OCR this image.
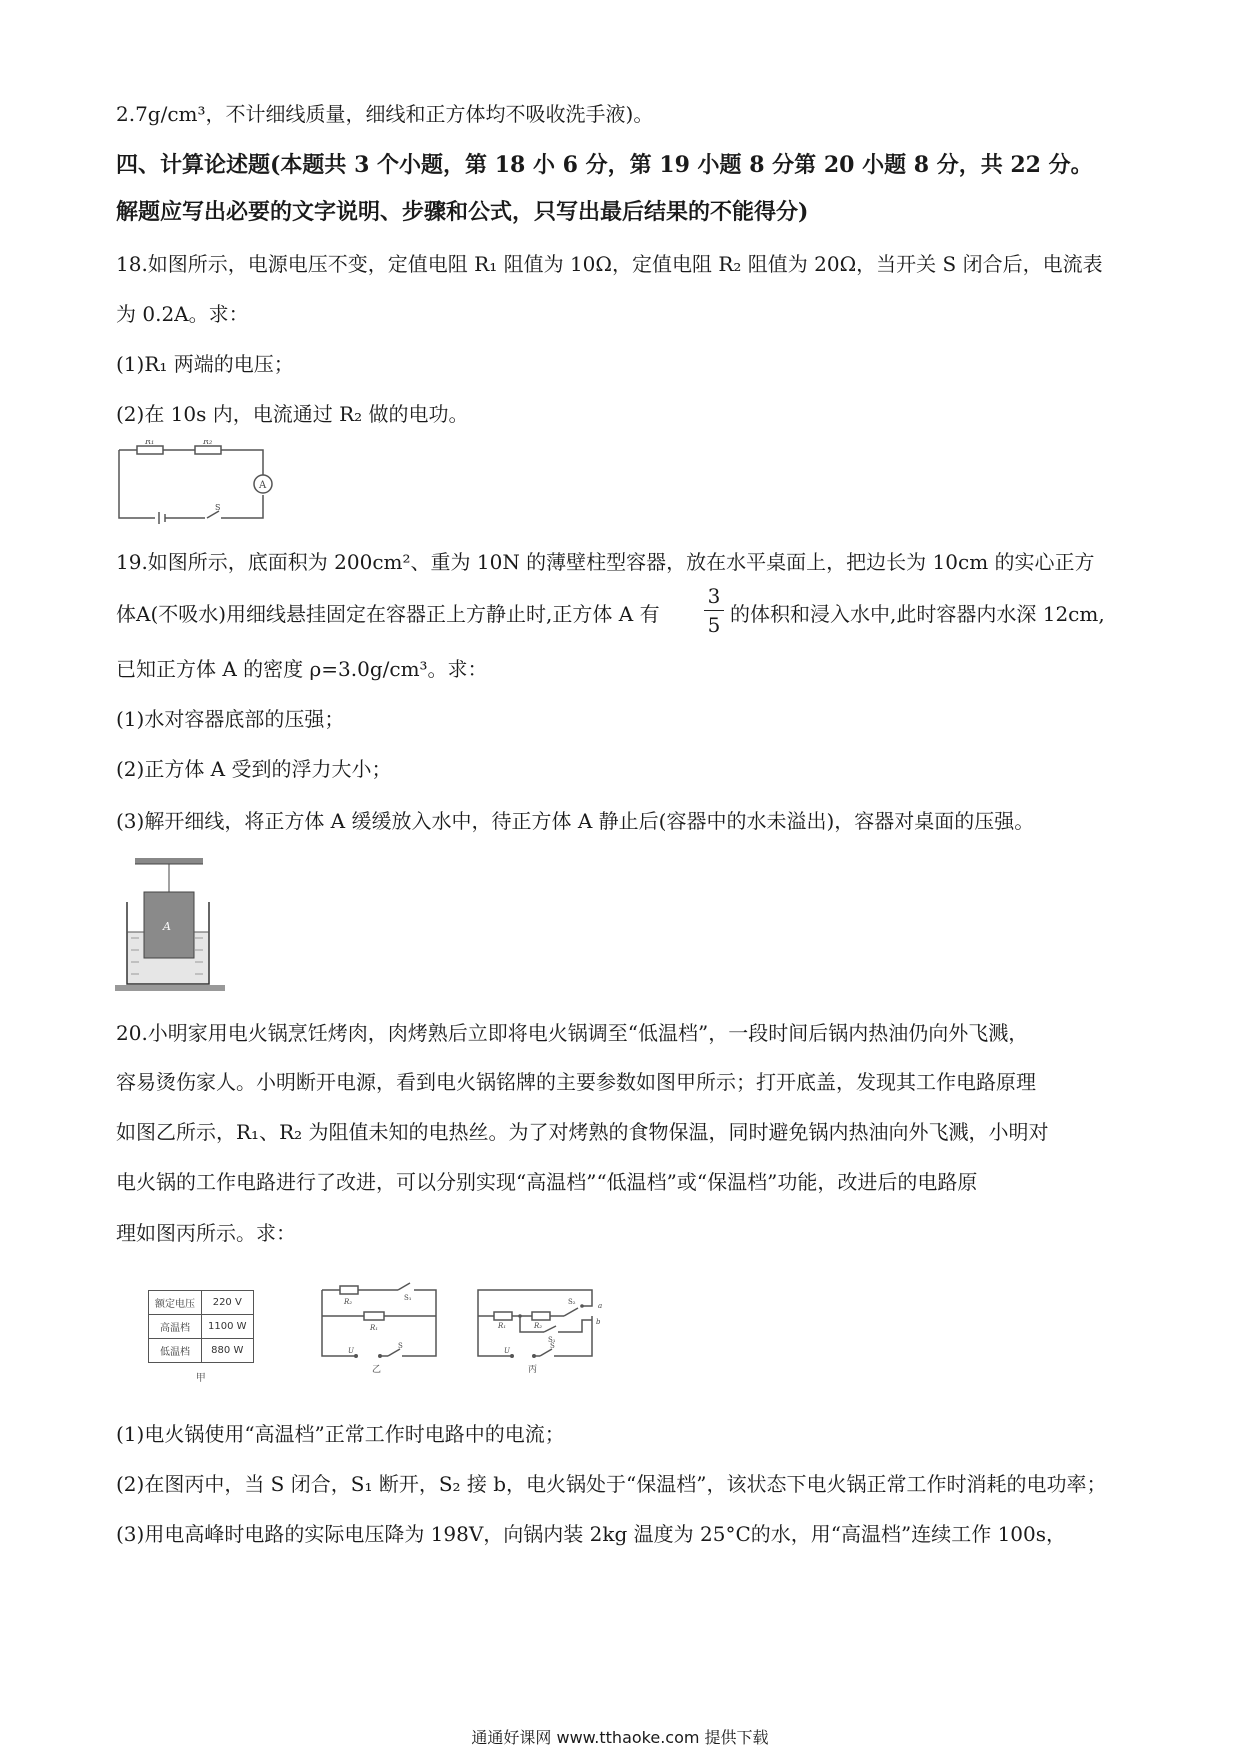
2.7g/cm³，不计细线质量，细线和正方体均不吸收洗手液)。
四、计算论述题(本题共 3 个小题，第 18 小 6 分，第 19 小题 8 分第 20 小题 8 分，共 22 分。
解题应写出必要的文字说明、步骤和公式，只写出最后结果的不能得分)
18.如图所示，电源电压不变，定值电阻 R₁ 阻值为 10Ω，定值电阻 R₂ 阻值为 20Ω，当开关 S 闭合后，电流表
为 0.2A。求：
(1)R₁ 两端的电压；
(2)在 10s 内，电流通过 R₂ 做的电功。
R₁	R₂
A
S
19.如图所示，底面积为 200cm²、重为 10N 的薄壁柱型容器，放在水平桌面上，把边长为 10cm 的实心正方
体A(不吸水)用细线悬挂固定在容器正上方静止时,正方体 A 有
3
5 的体积和浸入水中,此时容器内水深 12cm,
已知正方体 A 的密度 ρ=3.0g/cm³。求：
(1)水对容器底部的压强；
(2)正方体 A 受到的浮力大小；
(3)解开细线，将正方体 A 缓缓放入水中，待正方体 A 静止后(容器中的水未溢出)，容器对桌面的压强。
A
20.小明家用电火锅烹饪烤肉，肉烤熟后立即将电火锅调至“低温档”，一段时间后锅内热油仍向外飞溅，
容易烫伤家人。小明断开电源，看到电火锅铭牌的主要参数如图甲所示；打开底盖，发现其工作电路原理
如图乙所示，R₁、R₂ 为阻值未知的电热丝。为了对烤熟的食物保温，同时避免锅内热油向外飞溅，小明对
电火锅的工作电路进行了改进，可以分别实现“高温档”“低温档”或“保温档”功能，改进后的电路原
理如图丙所示。求：
额定电压	220 V
高温档	1100 W
低温档	880 W
甲
R₂	S₁
R₁
U
S
乙
R₁	R₂
S₂	a
b
S₁
U
S
丙
(1)电火锅使用“高温档”正常工作时电路中的电流；
(2)在图丙中，当 S 闭合，S₁ 断开，S₂ 接 b，电火锅处于“保温档”，该状态下电火锅正常工作时消耗的电功率；
(3)用电高峰时电路的实际电压降为 198V，向锅内装 2kg 温度为 25°C的水，用“高温档”连续工作 100s，
通通好课网 www.tthaoke.com 提供下载
